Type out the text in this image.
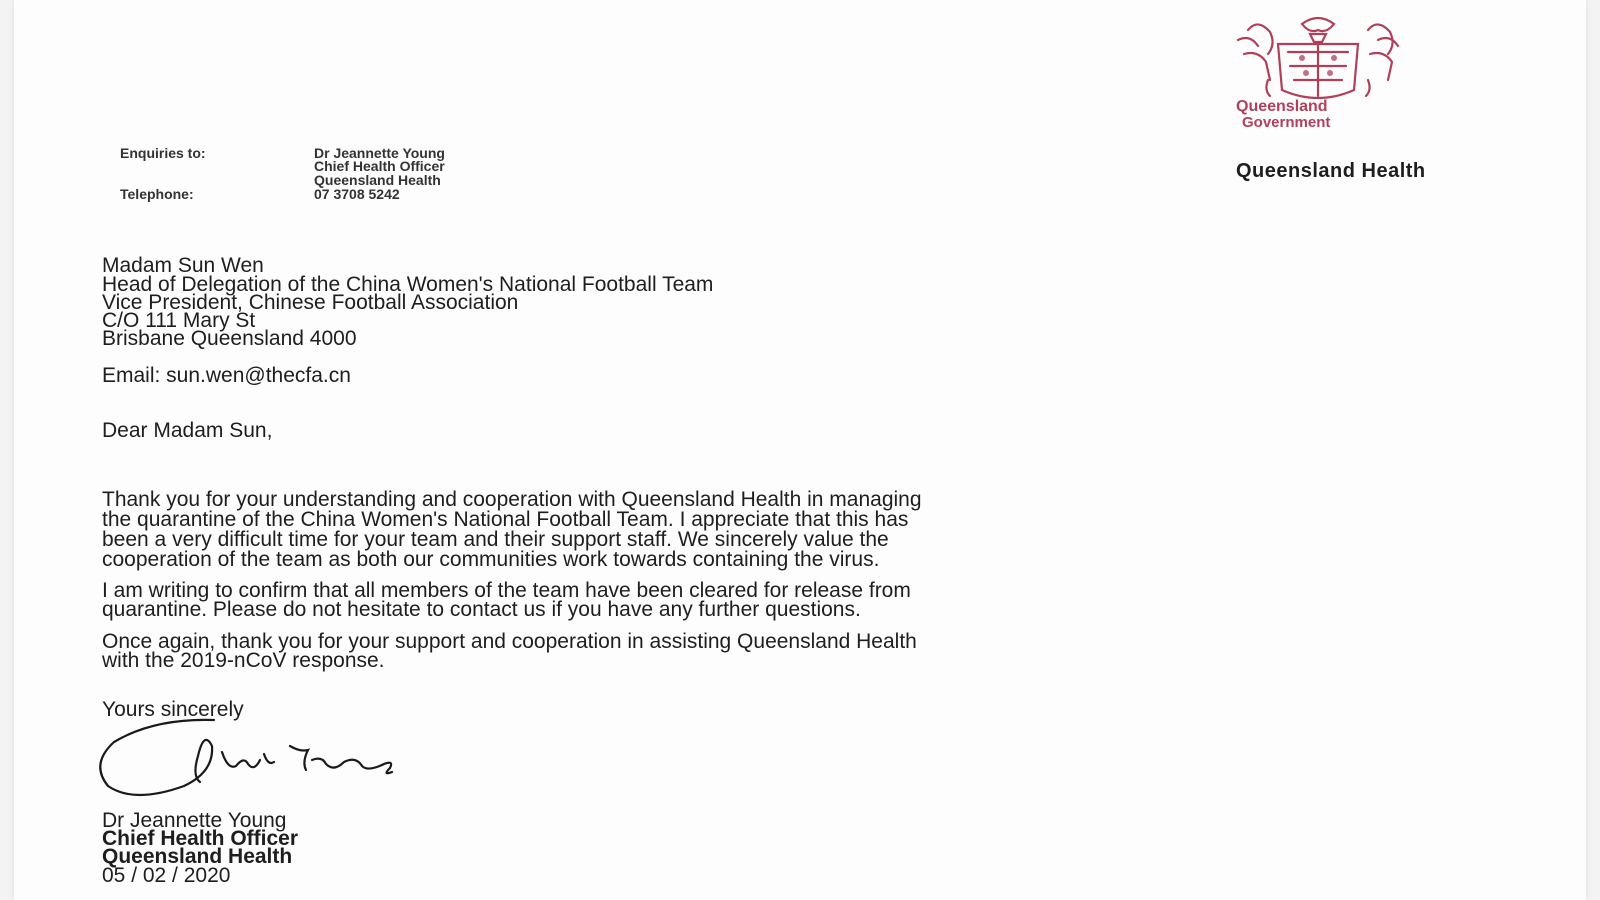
Queensland
Government
Queensland Health
Enquiries to:	Dr Jeannette Young
Chief Health Officer
Queensland Health
Telephone:	07 3708 5242
Madam Sun Wen
Head of Delegation of the China Women's National Football Team
Vice President, Chinese Football Association
C/O 111 Mary St
Brisbane Queensland 4000
Email: sun.wen@thecfa.cn
Dear Madam Sun,
Thank you for your understanding and cooperation with Queensland Health in managing
the quarantine of the China Women's National Football Team. I appreciate that this has
been a very difficult time for your team and their support staff. We sincerely value the
cooperation of the team as both our communities work towards containing the virus.
I am writing to confirm that all members of the team have been cleared for release from
quarantine. Please do not hesitate to contact us if you have any further questions.
Once again, thank you for your support and cooperation in assisting Queensland Health
with the 2019-nCoV response.
Yours sincerely
Dr Jeannette Young
Chief Health Officer
Queensland Health
05 / 02 / 2020
